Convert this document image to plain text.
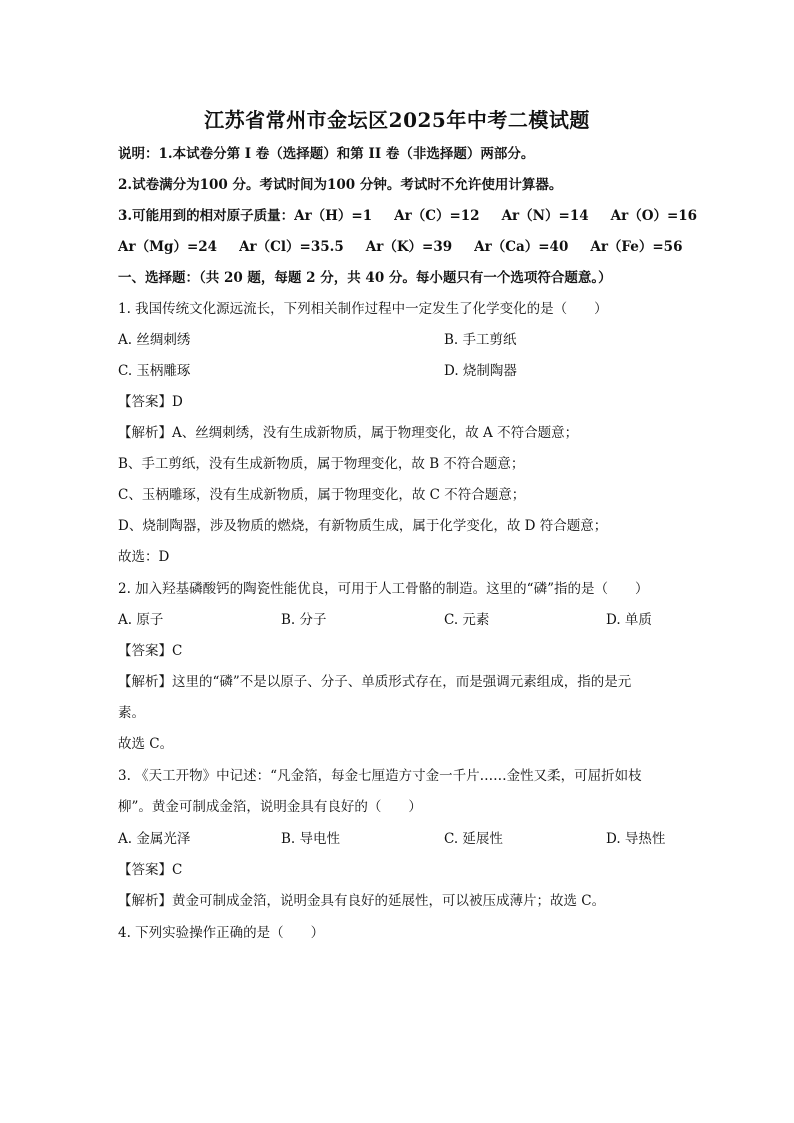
江苏省常州市金坛区2025年中考二模试题
说明：1.本试卷分第 I 卷（选择题）和第 II 卷（非选择题）两部分。
2.试卷满分为100 分。考试时间为100 分钟。考试时不允许使用计算器。
3.可能用到的相对原子质量：Ar（H）=1 Ar（C）=12 Ar（N）=14 Ar（O）=16
Ar（Mg）=24 Ar（Cl）=35.5 Ar（K）=39 Ar（Ca）=40 Ar（Fe）=56
一、选择题：（共 20 题，每题 2 分，共 40 分。每小题只有一个选项符合题意。）
1. 我国传统文化源远流长，下列相关制作过程中一定发生了化学变化的是（　　）
A. 丝绸刺绣	B. 手工剪纸
C. 玉柄雕琢	D. 烧制陶器
【答案】D
【解析】A、丝绸刺绣，没有生成新物质，属于物理变化，故 A 不符合题意；
B、手工剪纸，没有生成新物质，属于物理变化，故 B 不符合题意；
C、玉柄雕琢，没有生成新物质，属于物理变化，故 C 不符合题意；
D、烧制陶器，涉及物质的燃烧，有新物质生成，属于化学变化，故 D 符合题意；
故选：D
2. 加入羟基磷酸钙的陶瓷性能优良，可用于人工骨骼的制造。这里的“磷”指的是（　　）
A. 原子	B. 分子	C. 元素	D. 单质
【答案】C
【解析】这里的“磷”不是以原子、分子、单质形式存在，而是强调元素组成，指的是元
素。
故选 C。
3. 《天工开物》中记述：“凡金箔，每金七厘造方寸金一千片……金性又柔，可屈折如枝
柳”。黄金可制成金箔，说明金具有良好的（　　）
A. 金属光泽	B. 导电性	C. 延展性	D. 导热性
【答案】C
【解析】黄金可制成金箔，说明金具有良好的延展性，可以被压成薄片；故选 C。
4. 下列实验操作正确的是（　　）
